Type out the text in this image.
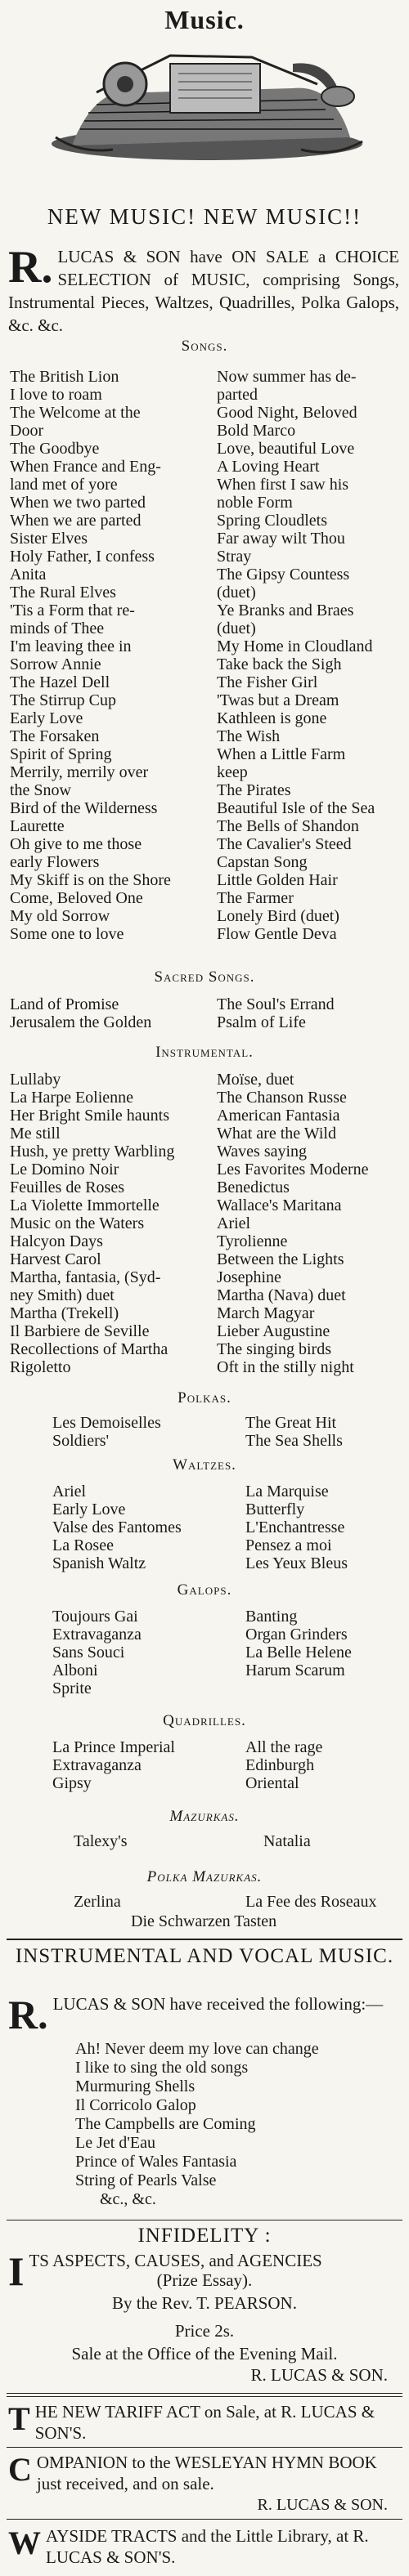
Music.
NEW MUSIC! NEW MUSIC!!
R. LUCAS & SON have ON SALE a CHOICE SELECTION of MUSIC, comprising Songs, Instrumental Pieces, Waltzes, Quadrilles, Polka Galops, &c. &c.
Songs.
The British Lion
I love to roam
The Welcome at the
Door
The Goodbye
When France and Eng-
land met of yore
When we two parted
When we are parted
Sister Elves
Holy Father, I confess
Anita
The Rural Elves
'Tis a Form that re-
minds of Thee
I'm leaving thee in
Sorrow Annie
The Hazel Dell
The Stirrup Cup
Early Love
The Forsaken
Spirit of Spring
Merrily, merrily over
the Snow
Bird of the Wilderness
Laurette
Oh give to me those
early Flowers
My Skiff is on the Shore
Come, Beloved One
My old Sorrow
Some one to love
Now summer has de-
parted
Good Night, Beloved
Bold Marco
Love, beautiful Love
A Loving Heart
When first I saw his
noble Form
Spring Cloudlets
Far away wilt Thou
Stray
The Gipsy Countess
(duet)
Ye Branks and Braes
(duet)
My Home in Cloudland
Take back the Sigh
The Fisher Girl
'Twas but a Dream
Kathleen is gone
The Wish
When a Little Farm
keep
The Pirates
Beautiful Isle of the Sea
The Bells of Shandon
The Cavalier's Steed
Capstan Song
Little Golden Hair
The Farmer
Lonely Bird (duet)
Flow Gentle Deva
Sacred Songs.
Land of Promise
Jerusalem the Golden
The Soul's Errand
Psalm of Life
Instrumental.
Lullaby
La Harpe Eolienne
Her Bright Smile haunts
Me still
Hush, ye pretty Warbling
Le Domino Noir
Feuilles de Roses
La Violette Immortelle
Music on the Waters
Halcyon Days
Harvest Carol
Martha, fantasia, (Syd-
ney Smith) duet
Martha (Trekell)
Il Barbiere de Seville
Recollections of Martha
Rigoletto
Moïse, duet
The Chanson Russe
American Fantasia
What are the Wild
Waves saying
Les Favorites Moderne
Benedictus
Wallace's Maritana
Ariel
Tyrolienne
Between the Lights
Josephine
Martha (Nava) duet
March Magyar
Lieber Augustine
The singing birds
Oft in the stilly night
Polkas.
Les Demoiselles
Soldiers'
The Great Hit
The Sea Shells
Waltzes.
Ariel
Early Love
Valse des Fantomes
La Rosee
Spanish Waltz
La Marquise
Butterfly
L'Enchantresse
Pensez a moi
Les Yeux Bleus
Galops.
Toujours Gai
Extravaganza
Sans Souci
Alboni
Sprite
Banting
Organ Grinders
La Belle Helene
Harum Scarum
Quadrilles.
La Prince Imperial
Extravaganza
Gipsy
All the rage
Edinburgh
Oriental
Mazurkas.
Talexy's	Natalia
Polka Mazurkas.
Zerlina	La Fee des Roseaux
Die Schwarzen Tasten
INSTRUMENTAL AND VOCAL MUSIC.
R. LUCAS & SON have received the following:—
Ah! Never deem my love can change
I like to sing the old songs
Murmuring Shells
Il Corricolo Galop
The Campbells are Coming
Le Jet d'Eau
Prince of Wales Fantasia
String of Pearls Valse
&c., &c.
INFIDELITY :
I TS ASPECTS, CAUSES, and AGENCIES
(Prize Essay).
By the Rev. T. PEARSON.
Price 2s.
Sale at the Office of the Evening Mail.
R. LUCAS & SON.
T HE NEW TARIFF ACT on Sale, at R. LUCAS & SON'S.
C OMPANION to the WESLEYAN HYMN BOOK just received, and on sale.
R. LUCAS & SON.
W AYSIDE TRACTS and the Little Library, at R. LUCAS & SON'S.
